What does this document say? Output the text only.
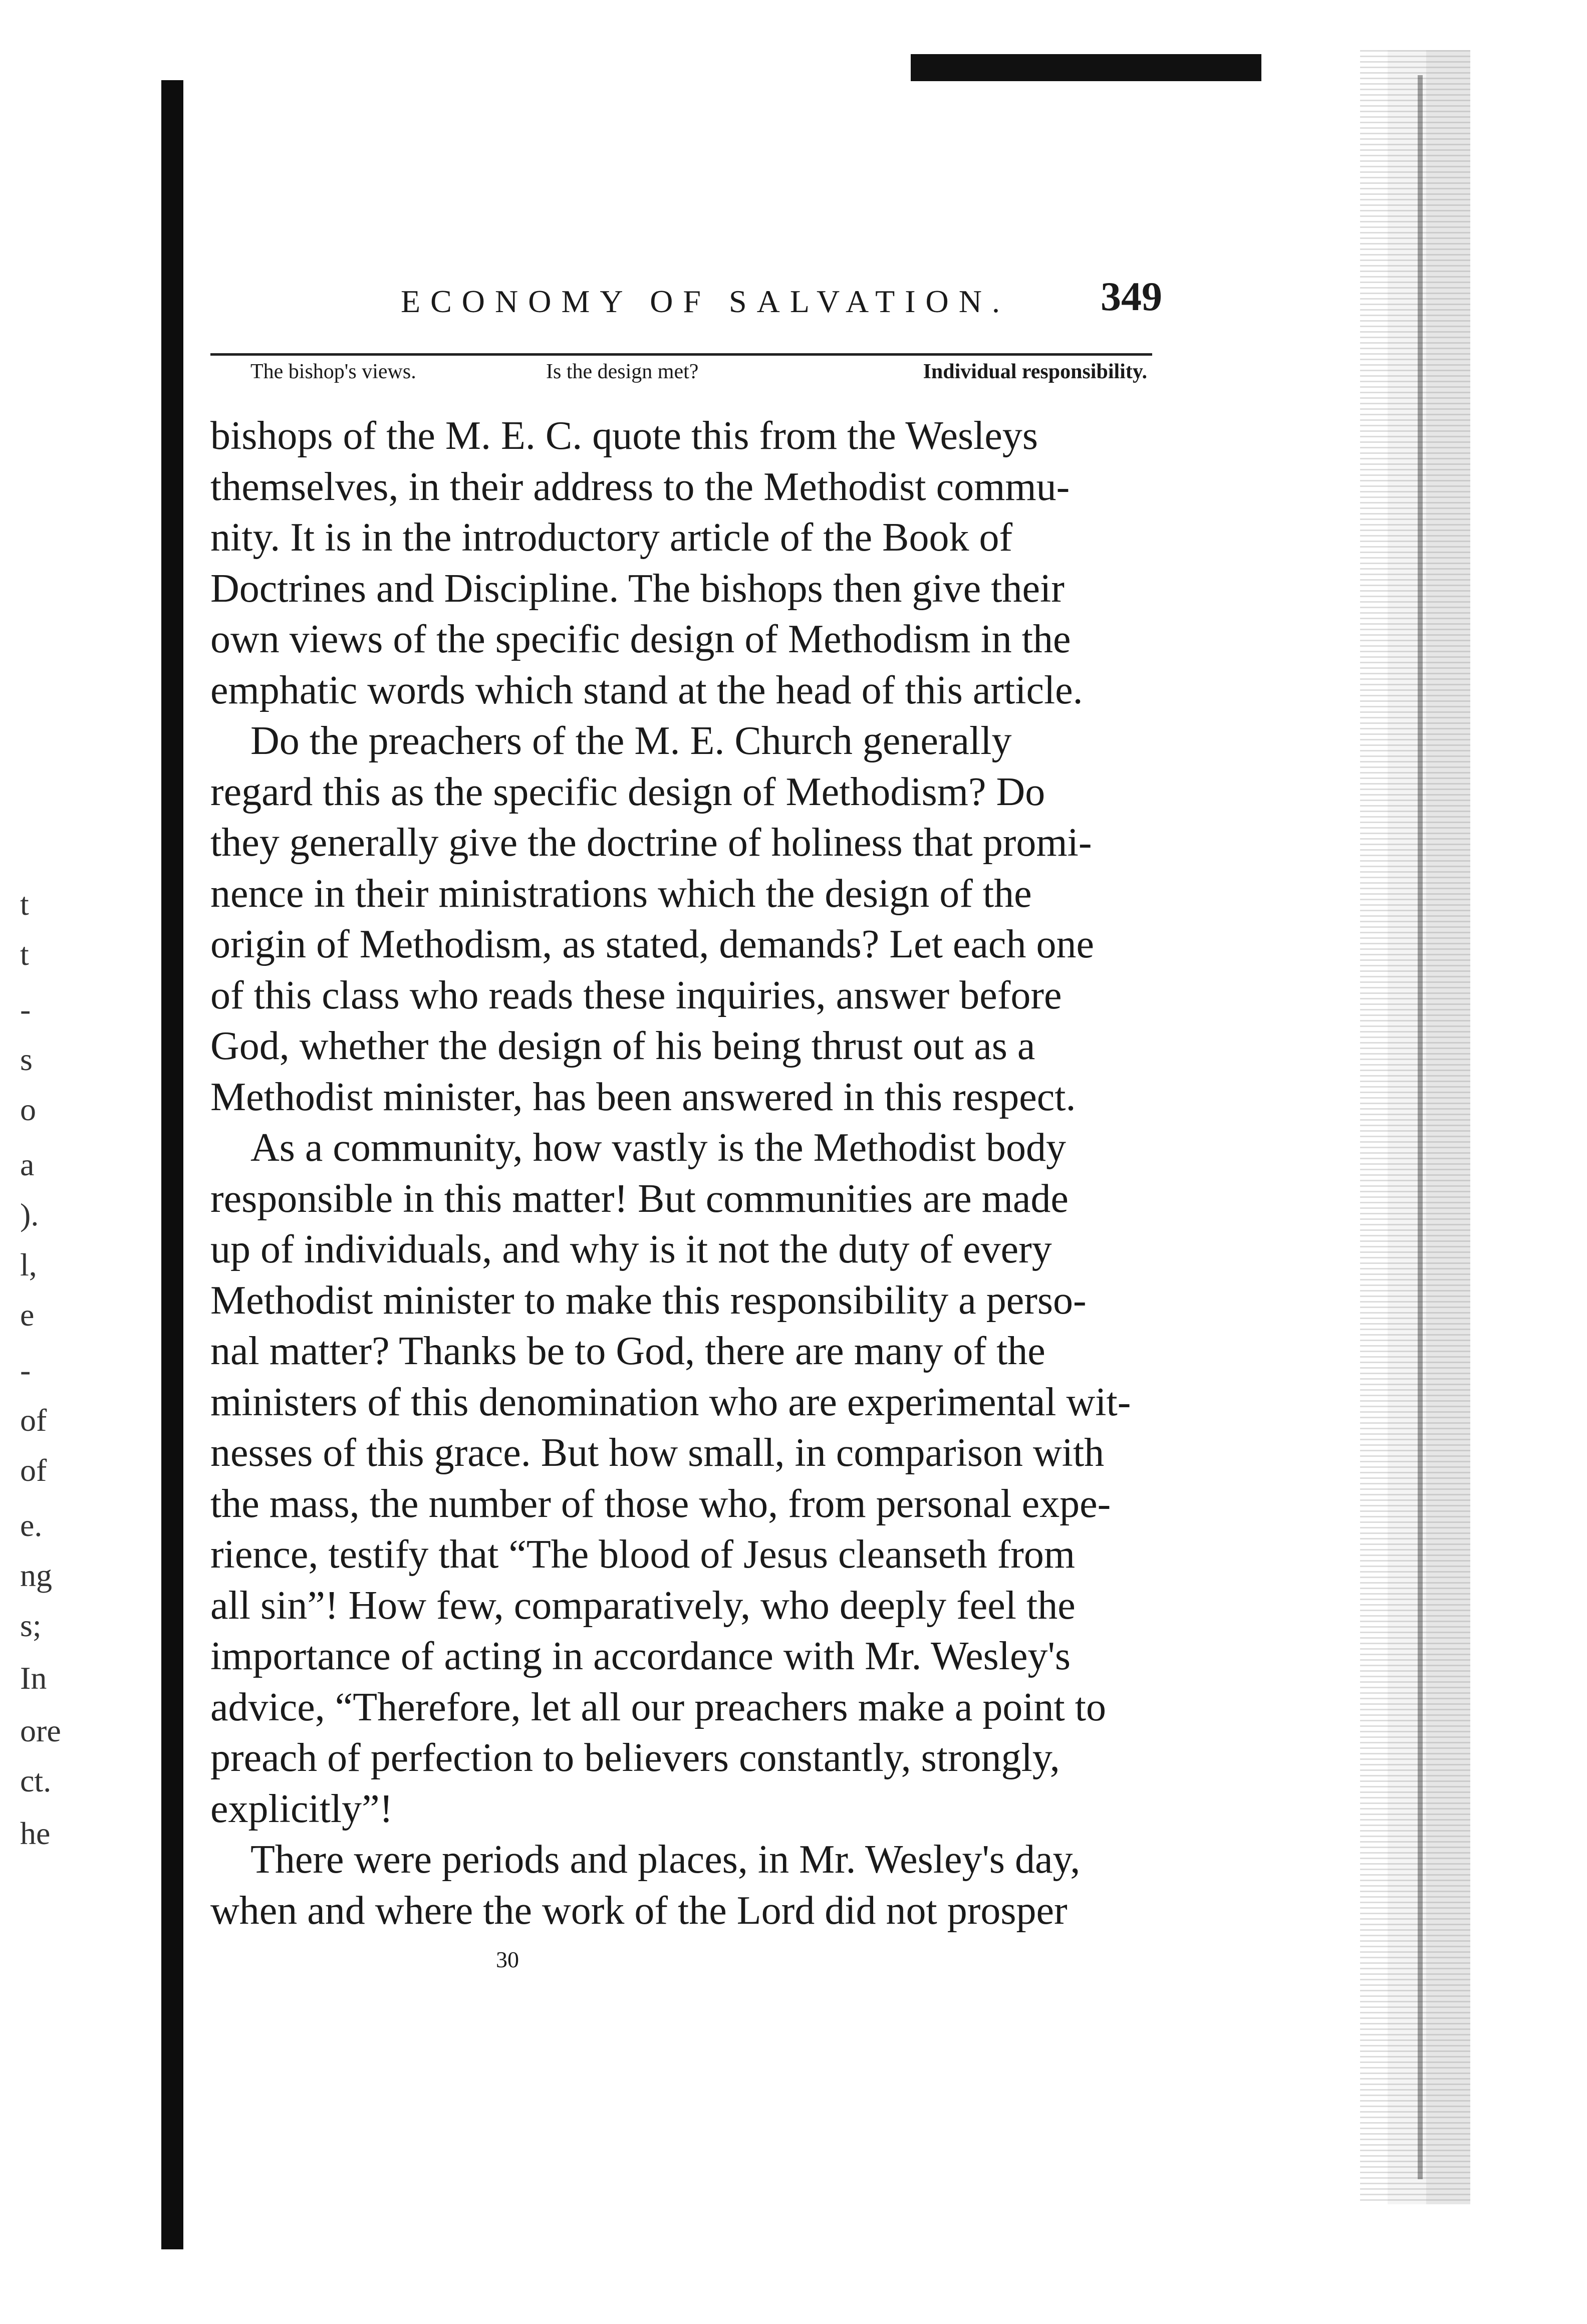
t
t
-
s
o
a
).
l,
e
-
of
of
e.
ng
s;
In
ore
ct.
he
ECONOMY OF SALVATION. 349
The bishop's views.	Is the design met?	Individual responsibility.
bishops of the M. E. C. quote this from the Wesleys
themselves, in their address to the Methodist commu-
nity. It is in the introductory article of the Book of
Doctrines and Discipline. The bishops then give their
own views of the specific design of Methodism in the
emphatic words which stand at the head of this article.
Do the preachers of the M. E. Church generally
regard this as the specific design of Methodism? Do
they generally give the doctrine of holiness that promi-
nence in their ministrations which the design of the
origin of Methodism, as stated, demands? Let each one
of this class who reads these inquiries, answer before
God, whether the design of his being thrust out as a
Methodist minister, has been answered in this respect.
As a community, how vastly is the Methodist body
responsible in this matter! But communities are made
up of individuals, and why is it not the duty of every
Methodist minister to make this responsibility a perso-
nal matter? Thanks be to God, there are many of the
ministers of this denomination who are experimental wit-
nesses of this grace. But how small, in comparison with
the mass, the number of those who, from personal expe-
rience, testify that “The blood of Jesus cleanseth from
all sin”! How few, comparatively, who deeply feel the
importance of acting in accordance with Mr. Wesley's
advice, “Therefore, let all our preachers make a point to
preach of perfection to believers constantly, strongly,
explicitly”!
There were periods and places, in Mr. Wesley's day,
when and where the work of the Lord did not prosper
30
